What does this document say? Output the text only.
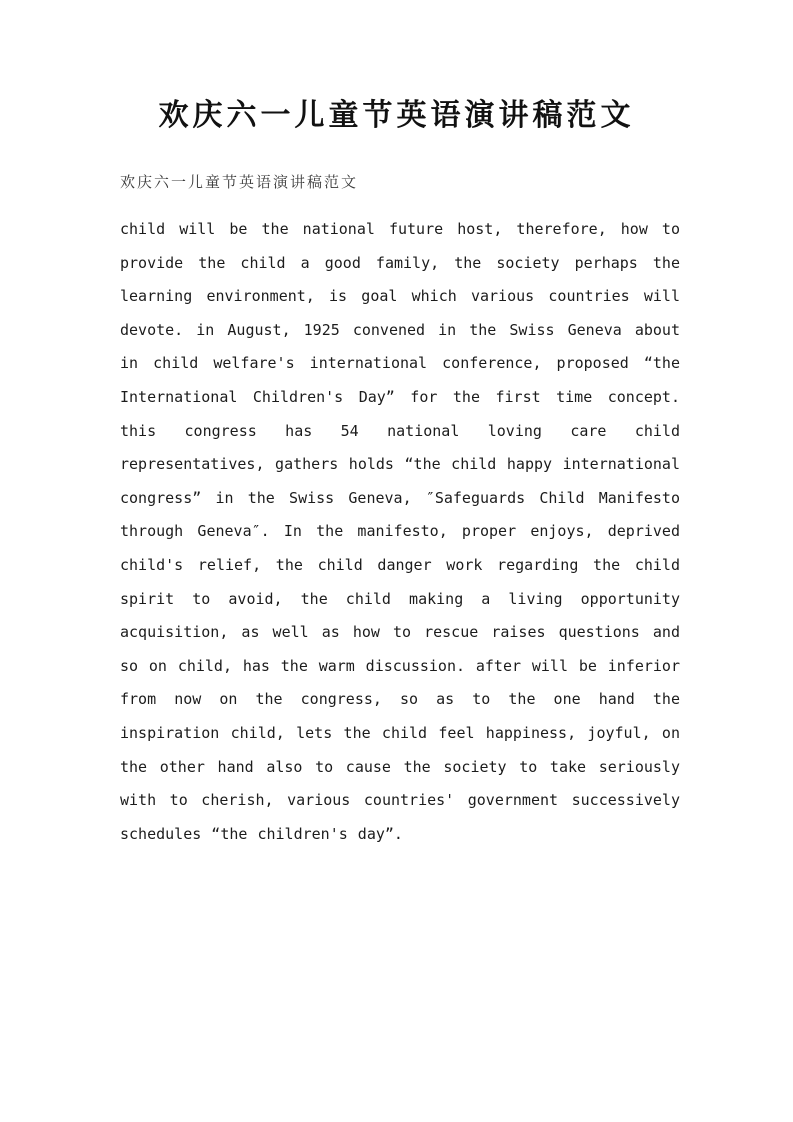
欢庆六一儿童节英语演讲稿范文
欢庆六一儿童节英语演讲稿范文

child will be the national future host, therefore, how to provide the child a good family, the society perhaps the learning environment, is goal which various countries will devote. in August, 1925 convened in the Swiss Geneva about in child welfare's international conference, proposed “the International Children's Day” for the first time concept. this congress has 54 national loving care child representatives, gathers holds “the child happy international congress” in the Swiss Geneva, ″Safeguards Child Manifesto through Geneva″. In the manifesto, proper enjoys, deprived child's relief, the child danger work regarding the child spirit to avoid, the child making a living opportunity acquisition, as well as how to rescue raises questions and so on child, has the warm discussion. after will be inferior from now on the congress, so as to the one hand the inspiration child, lets the child feel happiness, joyful, on the other hand also to cause the society to take seriously with to cherish, various countries' government successively schedules “the children's day”.
